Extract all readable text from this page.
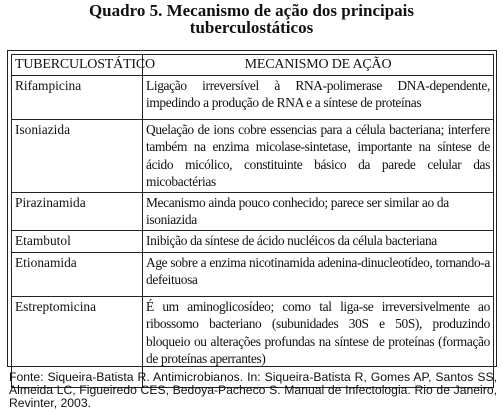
Quadro 5. Mecanismo de ação dos principais
tuberculostáticos
TUBERCULOSTÁTICO	MECANISMO DE AÇÃO
Rifampicina	Ligação irreversível à RNA-polimerase DNA-dependente, impedindo a produção de RNA e a síntese de proteínas
Isoniazida	Quelação de ions cobre essencias para a célula bacteriana; interfere também na enzima micolase-sintetase, importante na síntese de ácido micólico, constituinte básico da parede celular das micobactérias
Pirazinamida	Mecanismo ainda pouco conhecido; parece ser similar ao da isoniazida
Etambutol	Inibição da síntese de ácido nucléicos da célula bacteriana
Etionamida	Age sobre a enzima nicotinamida adenina-dinucleotídeo, tornando-a defeituosa
Estreptomicina	É um aminoglicosídeo; como tal liga-se irreversivelmente ao ribossomo bacteriano (subunidades 30S e 50S), produzindo bloqueio ou alterações profundas na síntese de proteínas (formação de proteínas aperrantes)
Fonte: Siqueira-Batista R. Antimicrobianos. In: Siqueira-Batista R, Gomes AP, Santos SS, Almeida LC, Figueiredo CES, Bedoya-Pacheco S. Manual de Infectologia. Rio de Janeiro, Revinter, 2003.
